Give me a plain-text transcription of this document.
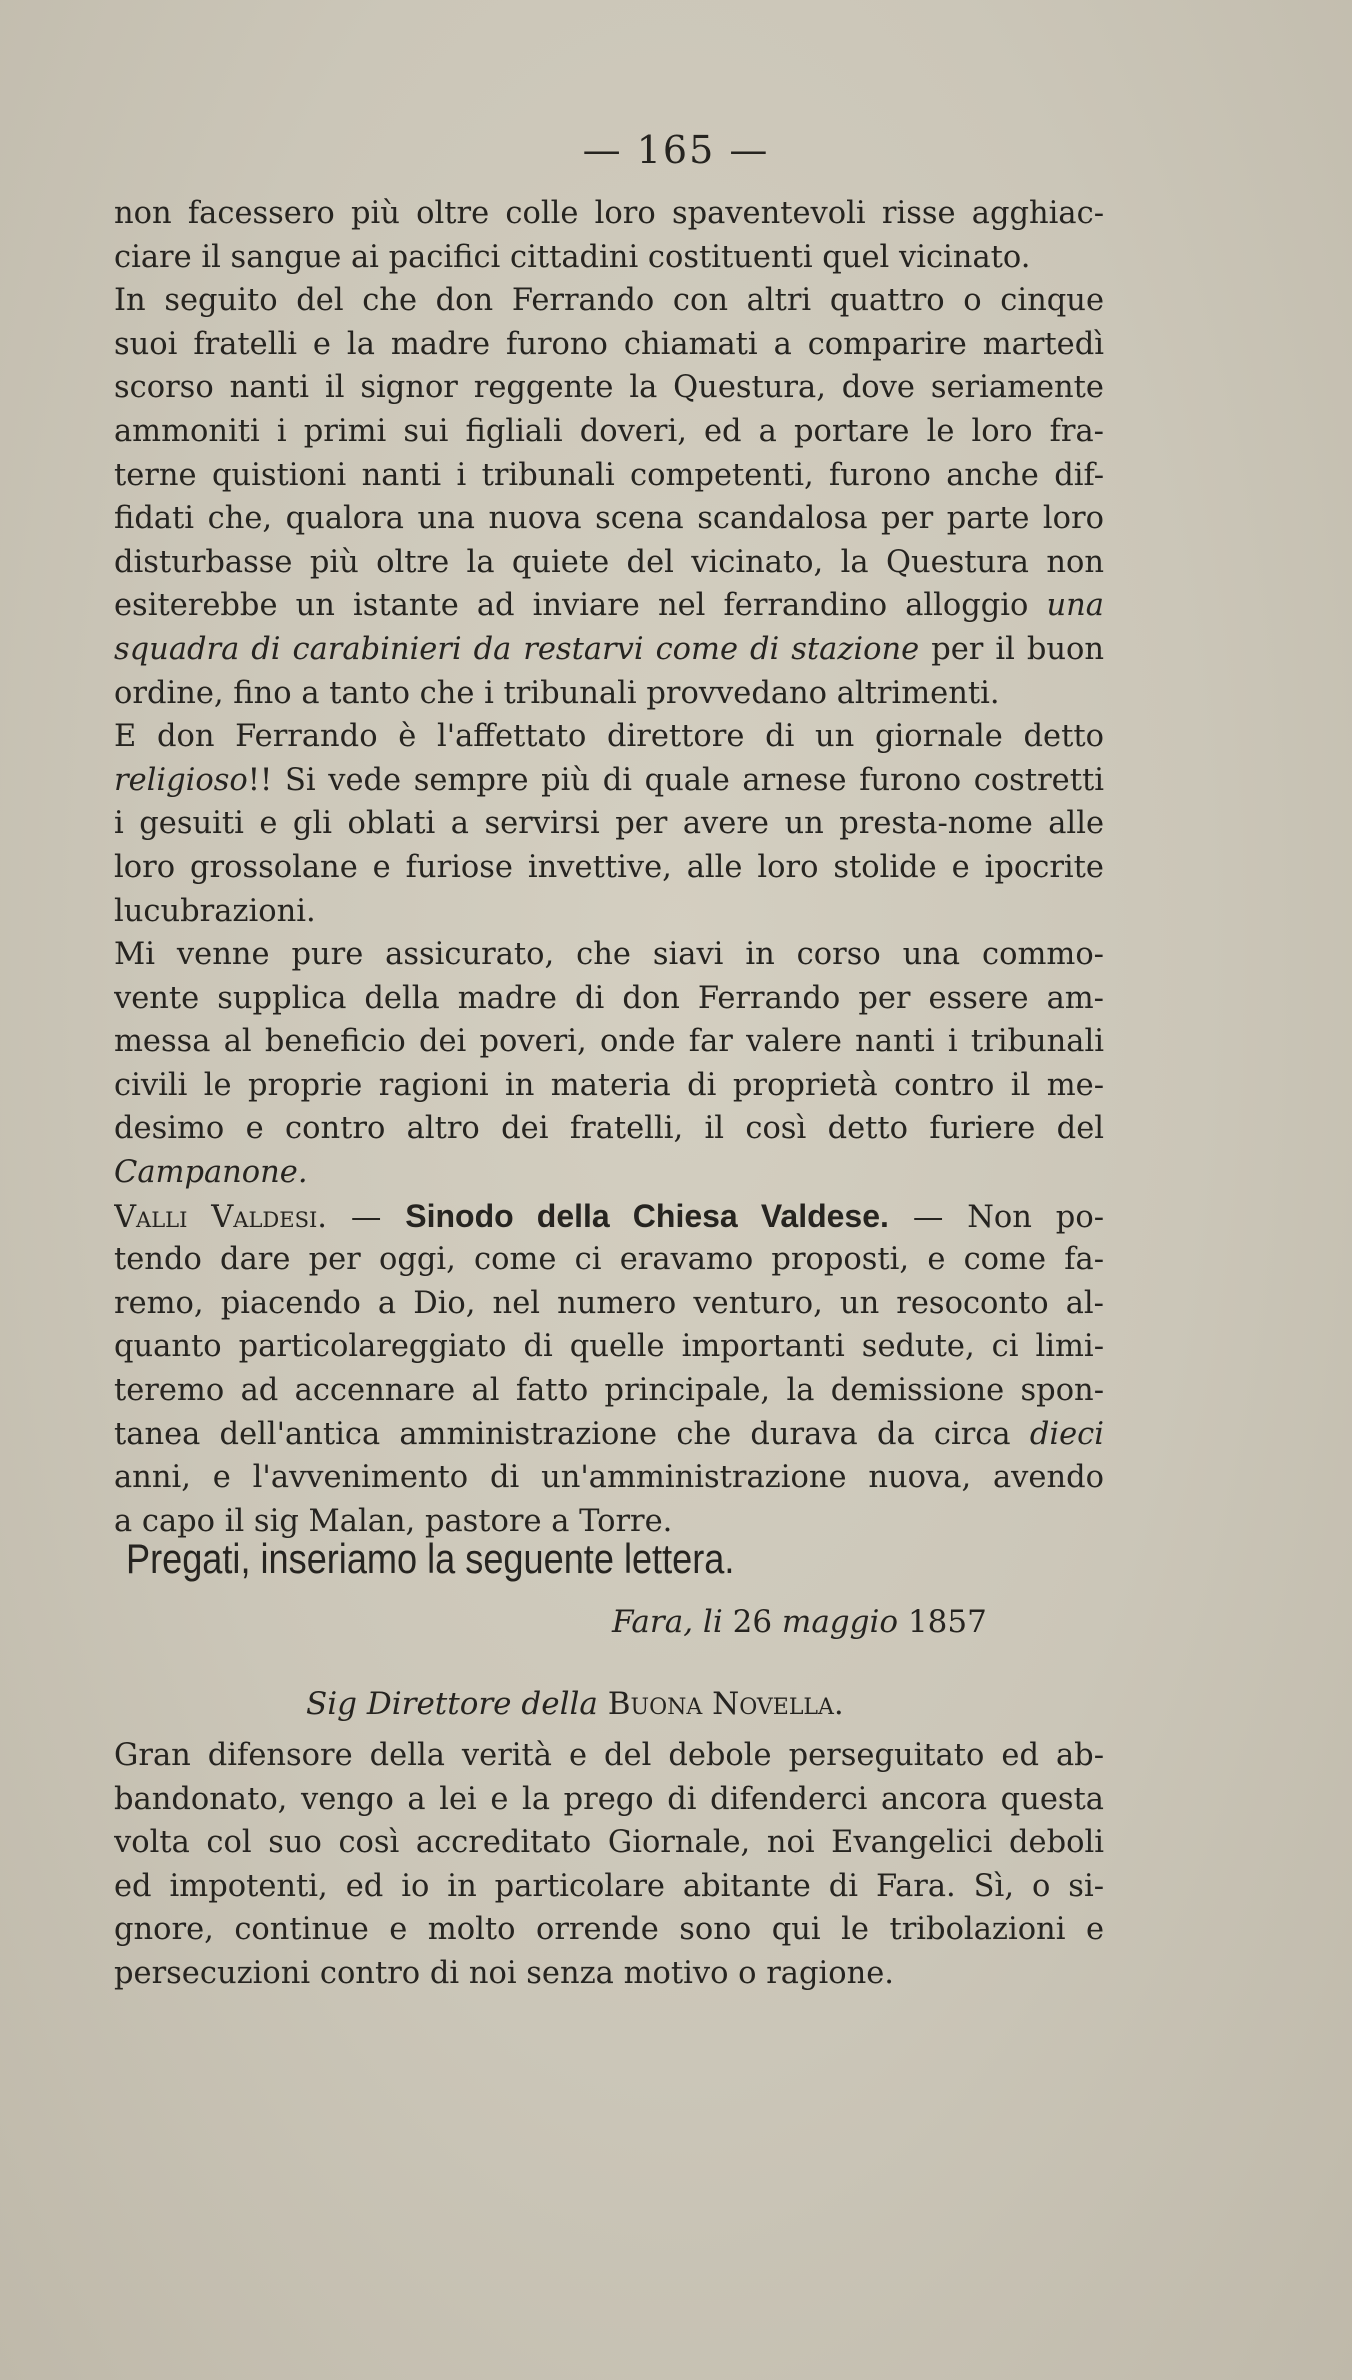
— 165 —
non facessero più oltre colle loro spaventevoli risse agghiac-
ciare il sangue ai pacifici cittadini costituenti quel vicinato.
In seguito del che don Ferrando con altri quattro o cinque
suoi fratelli e la madre furono chiamati a comparire martedì
scorso nanti il signor reggente la Questura, dove seriamente
ammoniti i primi sui figliali doveri, ed a portare le loro fra-
terne quistioni nanti i tribunali competenti, furono anche dif-
fidati che, qualora una nuova scena scandalosa per parte loro
disturbasse più oltre la quiete del vicinato, la Questura non
esiterebbe un istante ad inviare nel ferrandino alloggio una
squadra di carabinieri da restarvi come di stazione per il buon
ordine, fino a tanto che i tribunali provvedano altrimenti.
E don Ferrando è l'affettato direttore di un giornale detto
religioso!! Si vede sempre più di quale arnese furono costretti
i gesuiti e gli oblati a servirsi per avere un presta-nome alle
loro grossolane e furiose invettive, alle loro stolide e ipocrite
lucubrazioni.
Mi venne pure assicurato, che siavi in corso una commo-
vente supplica della madre di don Ferrando per essere am-
messa al beneficio dei poveri, onde far valere nanti i tribunali
civili le proprie ragioni in materia di proprietà contro il me-
desimo e contro altro dei fratelli, il così detto furiere del
Campanone.
Valli Valdesi. — Sinodo della Chiesa Valdese. — Non po-
tendo dare per oggi, come ci eravamo proposti, e come fa-
remo, piacendo a Dio, nel numero venturo, un resoconto al-
quanto particolareggiato di quelle importanti sedute, ci limi-
teremo ad accennare al fatto principale, la demissione spon-
tanea dell'antica amministrazione che durava da circa dieci
anni, e l'avvenimento di un'amministrazione nuova, avendo
a capo il sig Malan, pastore a Torre.
Pregati, inseriamo la seguente lettera.
Fara, li 26 maggio 1857
Sig Direttore della Buona Novella.
Gran difensore della verità e del debole perseguitato ed ab-
bandonato, vengo a lei e la prego di difenderci ancora questa
volta col suo così accreditato Giornale, noi Evangelici deboli
ed impotenti, ed io in particolare abitante di Fara. Sì, o si-
gnore, continue e molto orrende sono qui le tribolazioni e
persecuzioni contro di noi senza motivo o ragione.
